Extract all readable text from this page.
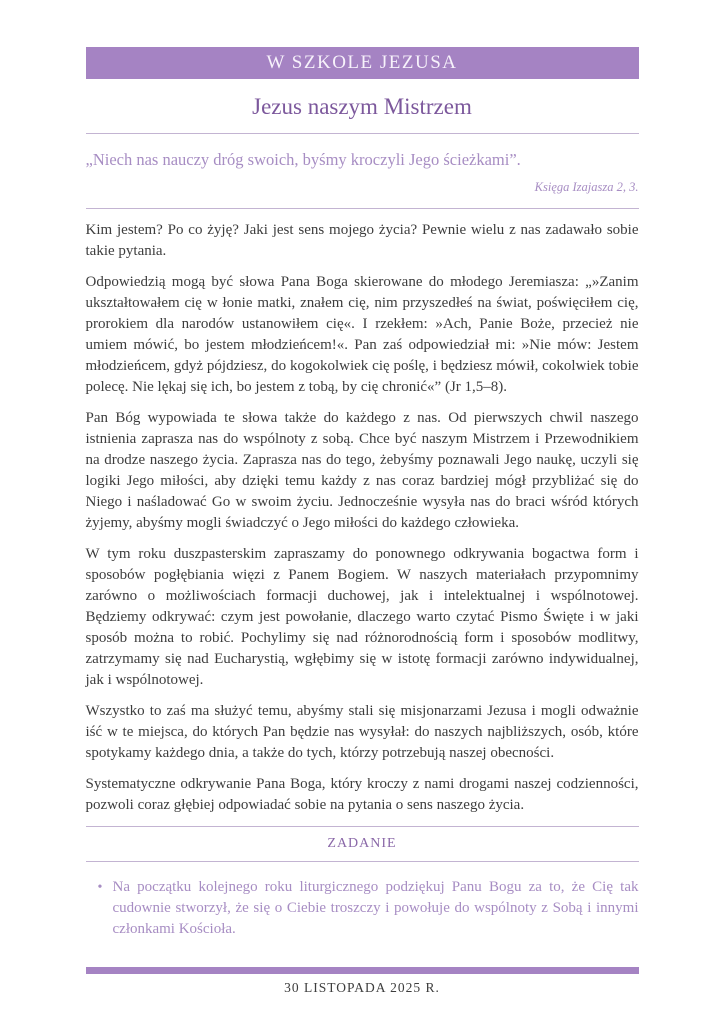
W SZKOLE JEZUSA
Jezus naszym Mistrzem

„Niech nas nauczy dróg swoich, byśmy kroczyli Jego ścieżkami”.

Księga Izajasza 2, 3.

Kim jestem? Po co żyję? Jaki jest sens mojego życia? Pewnie wielu z nas zadawało sobie takie pytania.

Odpowiedzią mogą być słowa Pana Boga skierowane do młodego Jeremiasza: „»Zanim ukształtowałem cię w łonie matki, znałem cię, nim przyszedłeś na świat, poświęciłem cię, prorokiem dla narodów ustanowiłem cię«. I rzekłem: »Ach, Panie Boże, przecież nie umiem mówić, bo jestem młodzieńcem!«. Pan zaś odpowiedział mi: »Nie mów: Jestem młodzieńcem, gdyż pójdziesz, do kogokolwiek cię poślę, i będziesz mówił, cokolwiek tobie polecę. Nie lękaj się ich, bo jestem z tobą, by cię chronić«” (Jr 1,5–8).

Pan Bóg wypowiada te słowa także do każdego z nas. Od pierwszych chwil naszego istnienia zaprasza nas do wspólnoty z sobą. Chce być naszym Mistrzem i Przewodnikiem na drodze naszego życia. Zaprasza nas do tego, żebyśmy poznawali Jego naukę, uczyli się logiki Jego miłości, aby dzięki temu każdy z nas coraz bardziej mógł przybliżać się do Niego i naśladować Go w swoim życiu. Jednocześnie wysyła nas do braci wśród których żyjemy, abyśmy mogli świadczyć o Jego miłości do każdego człowieka.

W tym roku duszpasterskim zapraszamy do ponownego odkrywania bogactwa form i sposobów pogłębiania więzi z Panem Bogiem. W naszych materiałach przypomnimy zarówno o możliwościach formacji duchowej, jak i intelektualnej i wspólnotowej. Będziemy odkrywać: czym jest powołanie, dlaczego warto czytać Pismo Święte i w jaki sposób można to robić. Pochylimy się nad różnorodnością form i sposobów modlitwy, zatrzymamy się nad Eucharystią, wgłębimy się w istotę formacji zarówno indywidualnej, jak i wspólnotowej.

Wszystko to zaś ma służyć temu, abyśmy stali się misjonarzami Jezusa i mogli odważnie iść w te miejsca, do których Pan będzie nas wysyłał: do naszych najbliższych, osób, które spotykamy każdego dnia, a także do tych, którzy potrzebują naszej obecności.

Systematyczne odkrywanie Pana Boga, który kroczy z nami drogami naszej codzienności, pozwoli coraz głębiej odpowiadać sobie na pytania o sens naszego życia.

ZADANIE
• Na początku kolejnego roku liturgicznego podziękuj Panu Bogu za to, że Cię tak cudownie stworzył, że się o Ciebie troszczy i powołuje do wspólnoty z Sobą i innymi członkami Kościoła.
30 LISTOPADA 2025 R.
